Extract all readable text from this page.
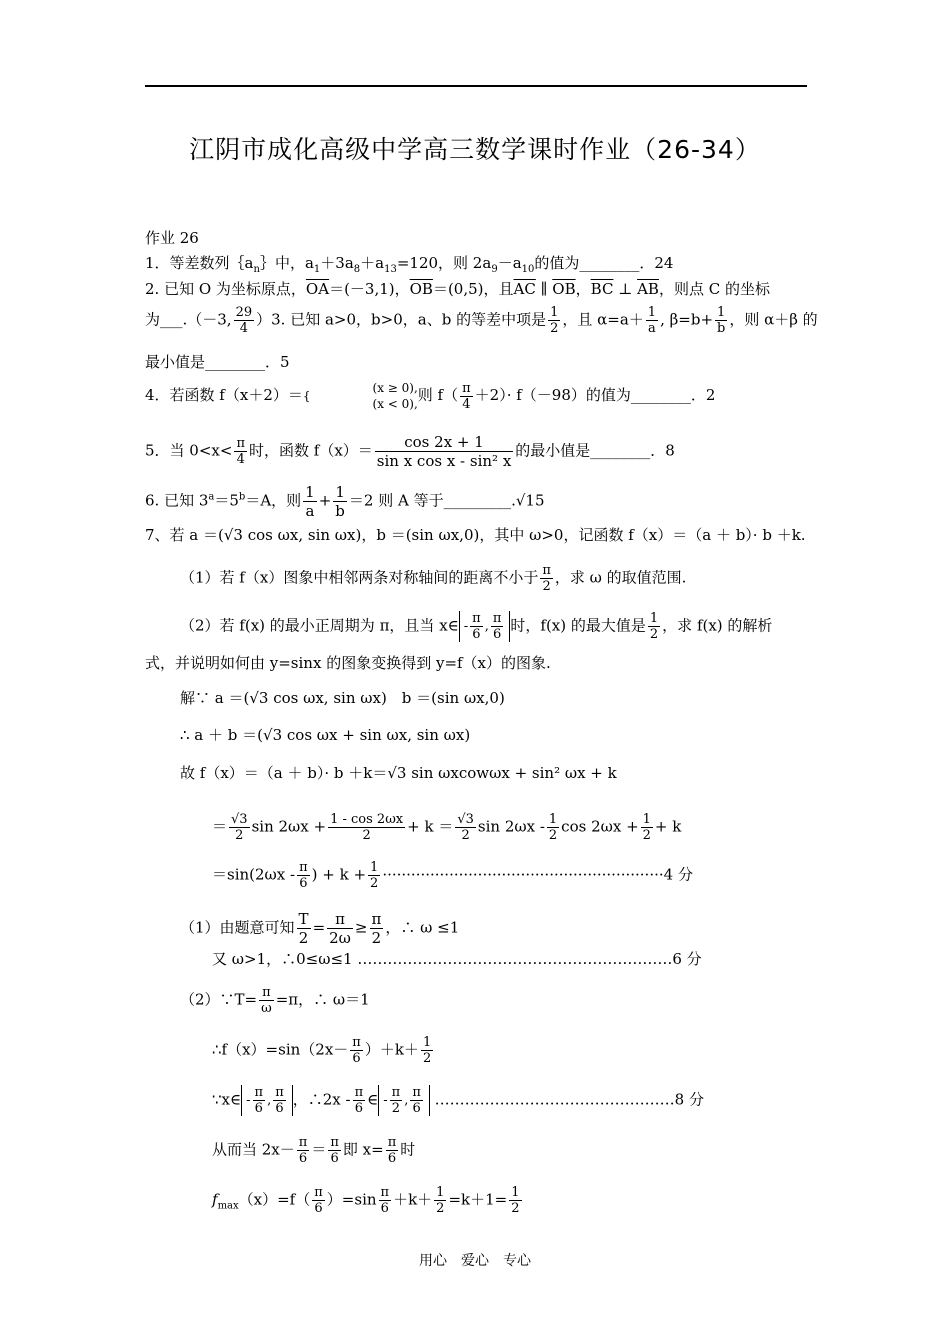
江阴市成化高级中学高三数学课时作业（26-34）
作业 26
1．等差数列$\{a_n\}$中，$a_1+3a_8+a_{13}=120$，则 $2a_9-a_{10}$的值为________．24
2. 已知 O 为坐标原点，$\overline{OA}=(-3,1)$，$\overline{OB}=(0,5)$，且$\overline{AC}$ ∥ $\overline{OB}$，$\overline{BC}$ ⊥ $\overline{AB}$，则点 C 的坐标
为___.（－3, $\frac{29}{4} )3$. 已知 a>0，b>0，a、b 的等差中项是 $\frac{1}{2}$ ，且 $\alpha=a+ \frac{1}{a}$ , $\beta=b+ \frac{1}{b}$ ，则 α＋β 的
最小值是________．5
4．若函数 f（x＋2）＝{
(x ≥ 0),
(x < 0), 则 $f( \frac{\pi}{4} +2)\cdot f(-98)$的值为________．2
5．当 $0<x< \frac{\pi}{4}$ 时，函数 $f(x)= \frac{\cos 2x + 1}{\text{sin x cos x - sin² x}}$ 的最小值是________．8
6. 已知 $3^a=5^b=A$，则 $\frac{1}{a} + \frac{1}{b} =2$ 则 A 等于_________.√15
7、若 a ＝(√3 cos ωx, sin ωx)，b ＝(sin ωx,0)，其中 ω>0，记函数 f（x）＝（a ＋ b）· b ＋k.
（1）若 f（x）图象中相邻两条对称轴间的距离不小于 $\frac{\pi}{2}$ ，求 ω 的取值范围.
（2）若 f(x) 的最小正周期为 π，且当 x∈ - $\frac{\pi}{6}$ , $\frac{\pi}{6}$ 时，f(x) 的最大值是 $\frac{1}{2}$ ，求 f(x) 的解析
式，并说明如何由 y=sinx 的图象变换得到 y=f（x）的图象.
解∵ a ＝(√3 cos ωx, sin ωx)　b ＝(sin ωx,0)
∴ a ＋ b ＝(√3 cos ωx + sin ωx, sin ωx)
故 f（x）＝（a ＋ b）· b ＋k＝√3 sin ωxcowωx + sin² ωx + k
＝ $\frac{√3}{2}$ $\sin 2\omega x + \frac{1 - \cos 2\omega x}{2} + k = \frac{√3}{2}$ $\sin 2\omega x - \frac{1}{2}$ $\cos 2\omega x + \frac{1}{2} + k$
$=\sin(2\omega x - \frac{\pi}{6}$ ) + $k + \frac{1}{2} \cdot\cdot\cdot\cdot\cdot\cdot\cdot\cdot\cdot\cdot\cdot\cdot\cdot\cdot\cdot\cdot\cdot\cdot\cdot\cdot\cdot\cdot\cdot\cdot\cdot\cdot\cdot\cdot\cdot\cdot\cdot\cdot\cdot\cdot\cdot\cdot\cdot\cdot\cdot\cdot\cdot\cdot\cdot\cdot\cdot\cdot\cdot\cdot\cdot\cdot\cdot\cdot\cdot\cdot\cdot\cdot\cdot\cdot\cdot 4$ 分
（1）由题意可知 $\frac{T}{2} = \frac{\pi}{2\omega} \ge \frac{\pi}{2}$ ，∴ ω ≤1
又 ω>1，∴0≤ω≤1 ………………………………………………………6 分
（2）∵T= $\frac{\pi}{\omega} =\pi$，∴ ω＝1
∴f（x）=sin（2x－ $\frac{\pi}{6} )+k+ \frac{1}{2}$
∵x∈ - $\frac{\pi}{6}$ , $\frac{\pi}{6}$ ，∴2x - $\frac{\pi}{6}$ ∈ - $\frac{\pi}{2}$ , $\frac{\pi}{6}$ …………………………………………8 分
从而当 $2x- \frac{\pi}{6} = \frac{\pi}{6}$ 即 $x= \frac{\pi}{6}$ 时
$f_{max}(x)=f( \frac{\pi}{6} )=\sin \frac{\pi}{6} +k+ \frac{1}{2} =k+1= \frac{1}{2}$
用心　爱心　专心
